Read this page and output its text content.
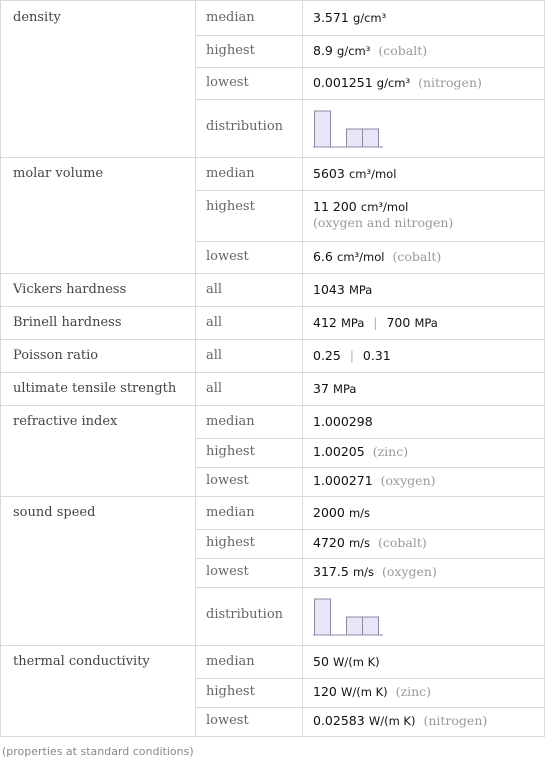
density	median	3.571 g/cm³

	highest	8.9 g/cm³ (cobalt)

	lowest	0.001251 g/cm³ (nitrogen)

	distribution

molar volume	median	5603 cm³/mol

	highest	11 200 cm³/mol
(oxygen and nitrogen)

	lowest	6.6 cm³/mol (cobalt)

Vickers hardness	all	1043 MPa

Brinell hardness	all	412 MPa | 700 MPa

Poisson ratio	all	0.25 | 0.31

ultimate tensile strength	all	37 MPa

refractive index	median	1.000298

	highest	1.00205 (zinc)

	lowest	1.000271 (oxygen)

sound speed	median	2000 m/s

	highest	4720 m/s (cobalt)

	lowest	317.5 m/s (oxygen)

	distribution

thermal conductivity	median	50 W/(m K)

	highest	120 W/(m K) (zinc)

	lowest	0.02583 W/(m K) (nitrogen)
(properties at standard conditions)
